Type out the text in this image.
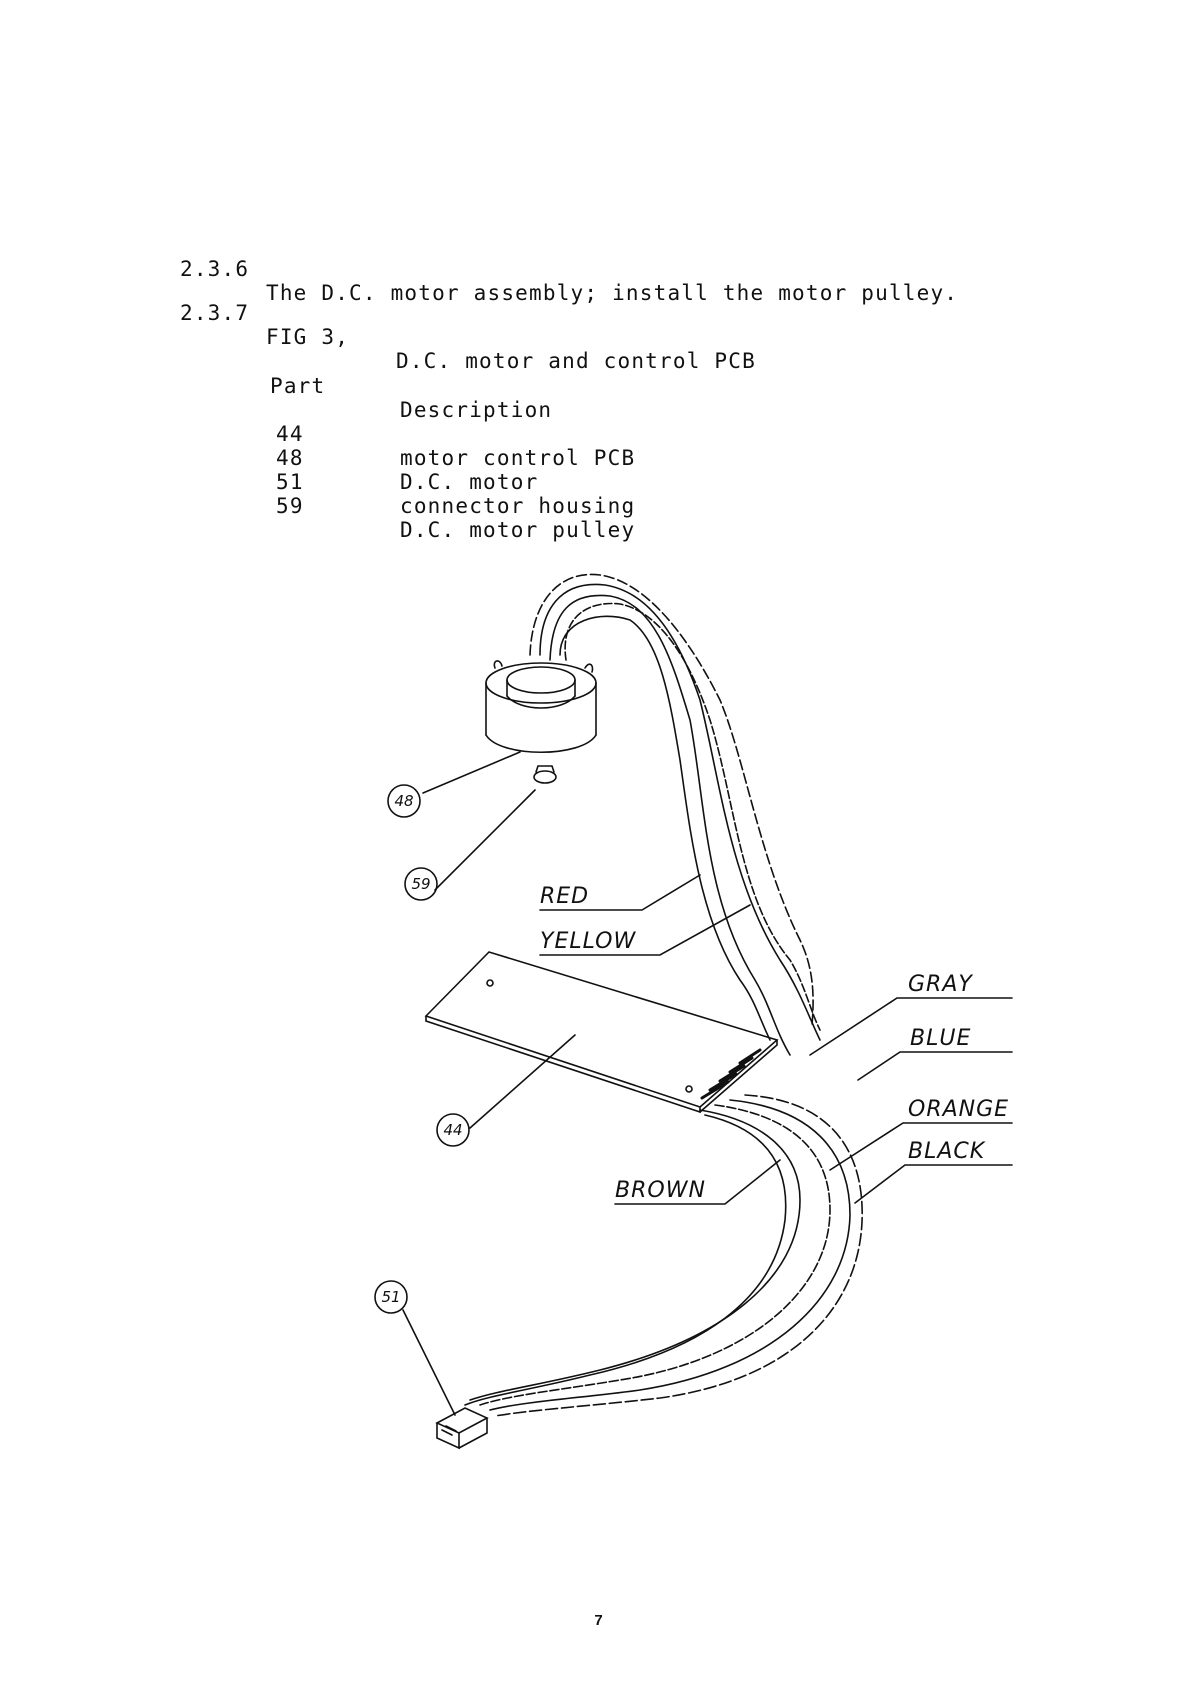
2.3.6

The D.C. motor assembly; install the motor pulley.

2.3.7

FIG 3,

D.C. motor and control PCB

Part

Description

44

motor control PCB

48

D.C. motor

51

connector housing

59

D.C. motor pulley

48
59
44
51
RED
YELLOW
GRAY
BLUE
ORANGE
BLACK
BROWN
7
